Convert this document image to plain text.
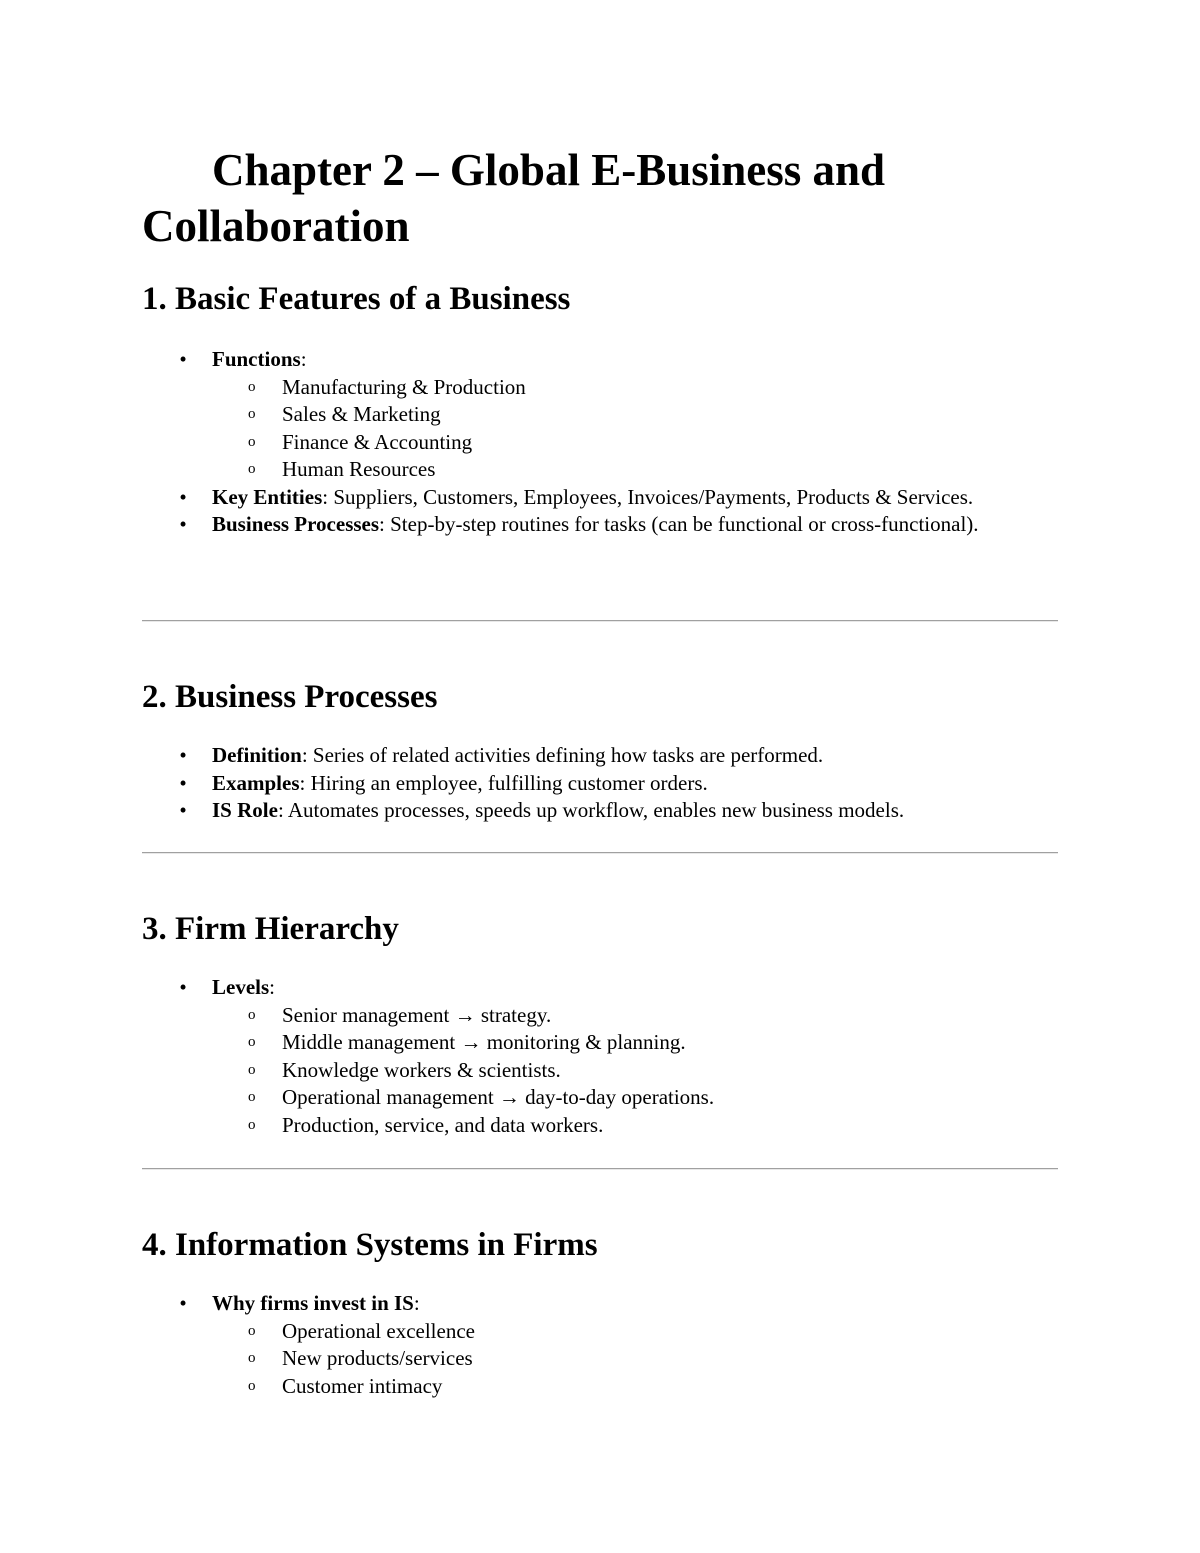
Chapter 2 – Global E-Business and Collaboration
1. Basic Features of a Business
• Functions:
o Manufacturing & Production
o Sales & Marketing
o Finance & Accounting
o Human Resources
• Key Entities: Suppliers, Customers, Employees, Invoices/Payments, Products & Services.
• Business Processes: Step-by-step routines for tasks (can be functional or cross-functional).
2. Business Processes
• Definition: Series of related activities defining how tasks are performed.
• Examples: Hiring an employee, fulfilling customer orders.
• IS Role: Automates processes, speeds up workflow, enables new business models.
3. Firm Hierarchy
• Levels:
o Senior management → strategy.
o Middle management → monitoring & planning.
o Knowledge workers & scientists.
o Operational management → day-to-day operations.
o Production, service, and data workers.
4. Information Systems in Firms
• Why firms invest in IS:
o Operational excellence
o New products/services
o Customer intimacy
